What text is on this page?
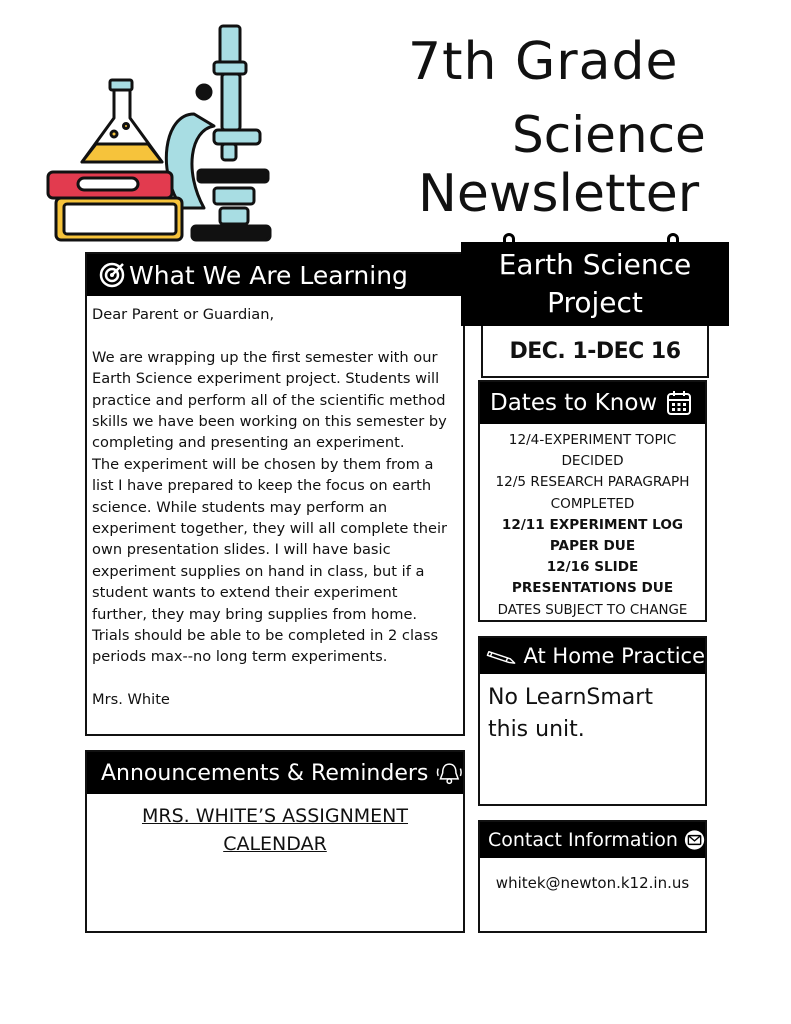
7th Grade
Science
Newsletter
What We Are Learning

Dear Parent or Guardian,

We are wrapping up the first semester with our Earth Science experiment project. Students will practice and perform all of the scientific method skills we have been working on this semester by completing and presenting an experiment.

The experiment will be chosen by them from a list I have prepared to keep the focus on earth science. While students may perform an experiment together, they will all complete their own presentation slides. I will have basic experiment supplies on hand in class, but if a student wants to extend their experiment further, they may bring supplies from home. Trials should be able to be completed in 2 class periods max--no long term experiments.

Mrs. White

Announcements & Reminders
MRS. WHITE’S ASSIGNMENT CALENDAR
Earth Science
Project
DEC. 1-DEC 16
Dates to Know
12/4-EXPERIMENT TOPIC DECIDED
12/5 RESEARCH PARAGRAPH COMPLETED
12/11 EXPERIMENT LOG PAPER DUE
12/16 SLIDE PRESENTATIONS DUE
DATES SUBJECT TO CHANGE
At Home Practice
No LearnSmart this unit.
Contact Information
whitek@newton.k12.in.us
